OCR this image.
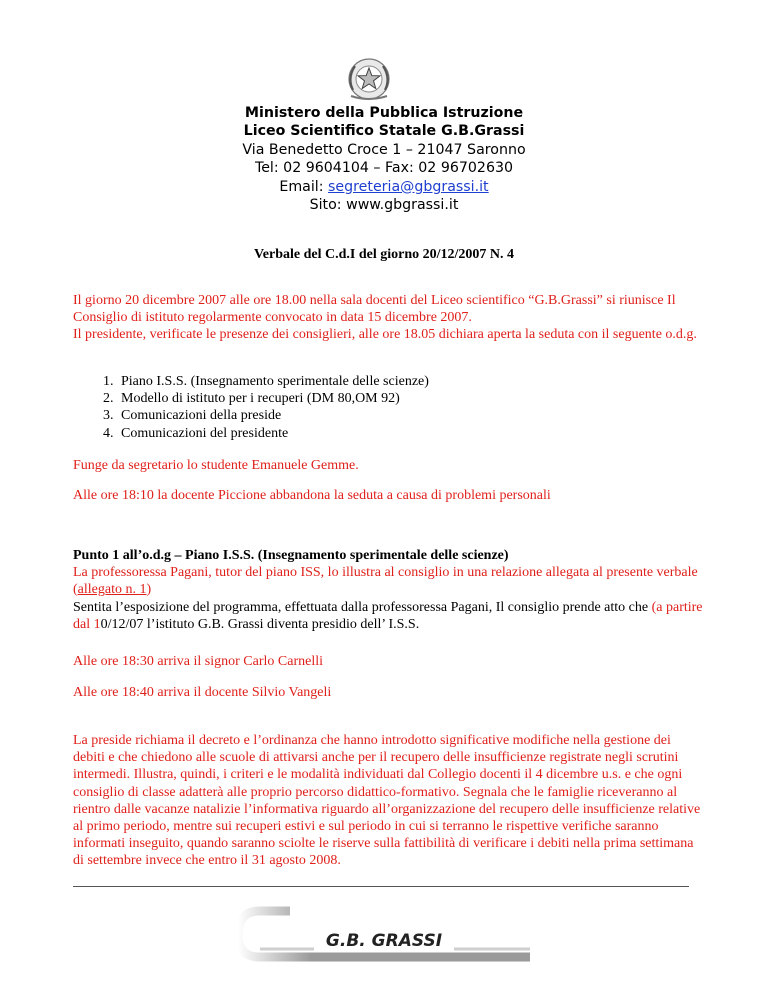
Ministero della Pubblica Istruzione
Liceo Scientifico Statale G.B.Grassi
Via Benedetto Croce 1 – 21047 Saronno
Tel: 02 9604104 – Fax: 02 96702630
Email: segreteria@gbgrassi.it
Sito: www.gbgrassi.it
Verbale del C.d.I del giorno 20/12/2007 N. 4

Il giorno 20 dicembre 2007 alle ore 18.00 nella sala docenti del Liceo scientifico “G.B.Grassi” si riunisce Il Consiglio di istituto regolarmente convocato in data 15 dicembre 2007.

Il presidente, verificate le presenze dei consiglieri, alle ore 18.05 dichiara aperta la seduta con il seguente o.d.g.

1. Piano I.S.S. (Insegnamento sperimentale delle scienze)
2. Modello di istituto per i recuperi (DM 80,OM 92)
3. Comunicazioni della preside
4. Comunicazioni del presidente

Funge da segretario lo studente Emanuele Gemme.

Alle ore 18:10 la docente Piccione abbandona la seduta a causa di problemi personali

Punto 1 all’o.d.g – Piano I.S.S. (Insegnamento sperimentale delle scienze)

La professoressa Pagani, tutor del piano ISS, lo illustra al consiglio in una relazione allegata al presente verbale (allegato n. 1)

Sentita l’esposizione del programma, effettuata dalla professoressa Pagani, Il consiglio prende atto che (a partire dal 10/12/07 l’istituto G.B. Grassi diventa presidio dell’ I.S.S.

Alle ore 18:30 arriva il signor Carlo Carnelli

Alle ore 18:40 arriva il docente Silvio Vangeli

La preside richiama il decreto e l’ordinanza che hanno introdotto significative modifiche nella gestione dei debiti e che chiedono alle scuole di attivarsi anche per il recupero delle insufficienze registrate negli scrutini intermedi. Illustra, quindi, i criteri e le modalità individuati dal Collegio docenti il 4 dicembre u.s. e che ogni consiglio di classe adatterà alle proprio percorso didattico-formativo. Segnala che le famiglie riceveranno al rientro dalle vacanze natalizie l’informativa riguardo all’organizzazione del recupero delle insufficienze relative al primo periodo, mentre sui recuperi estivi e sul periodo in cui si terranno le rispettive verifiche saranno informati inseguito, quando saranno sciolte le riserve sulla fattibilità di verificare i debiti nella prima settimana di settembre invece che entro il 31 agosto 2008.

G.B. GRASSI
